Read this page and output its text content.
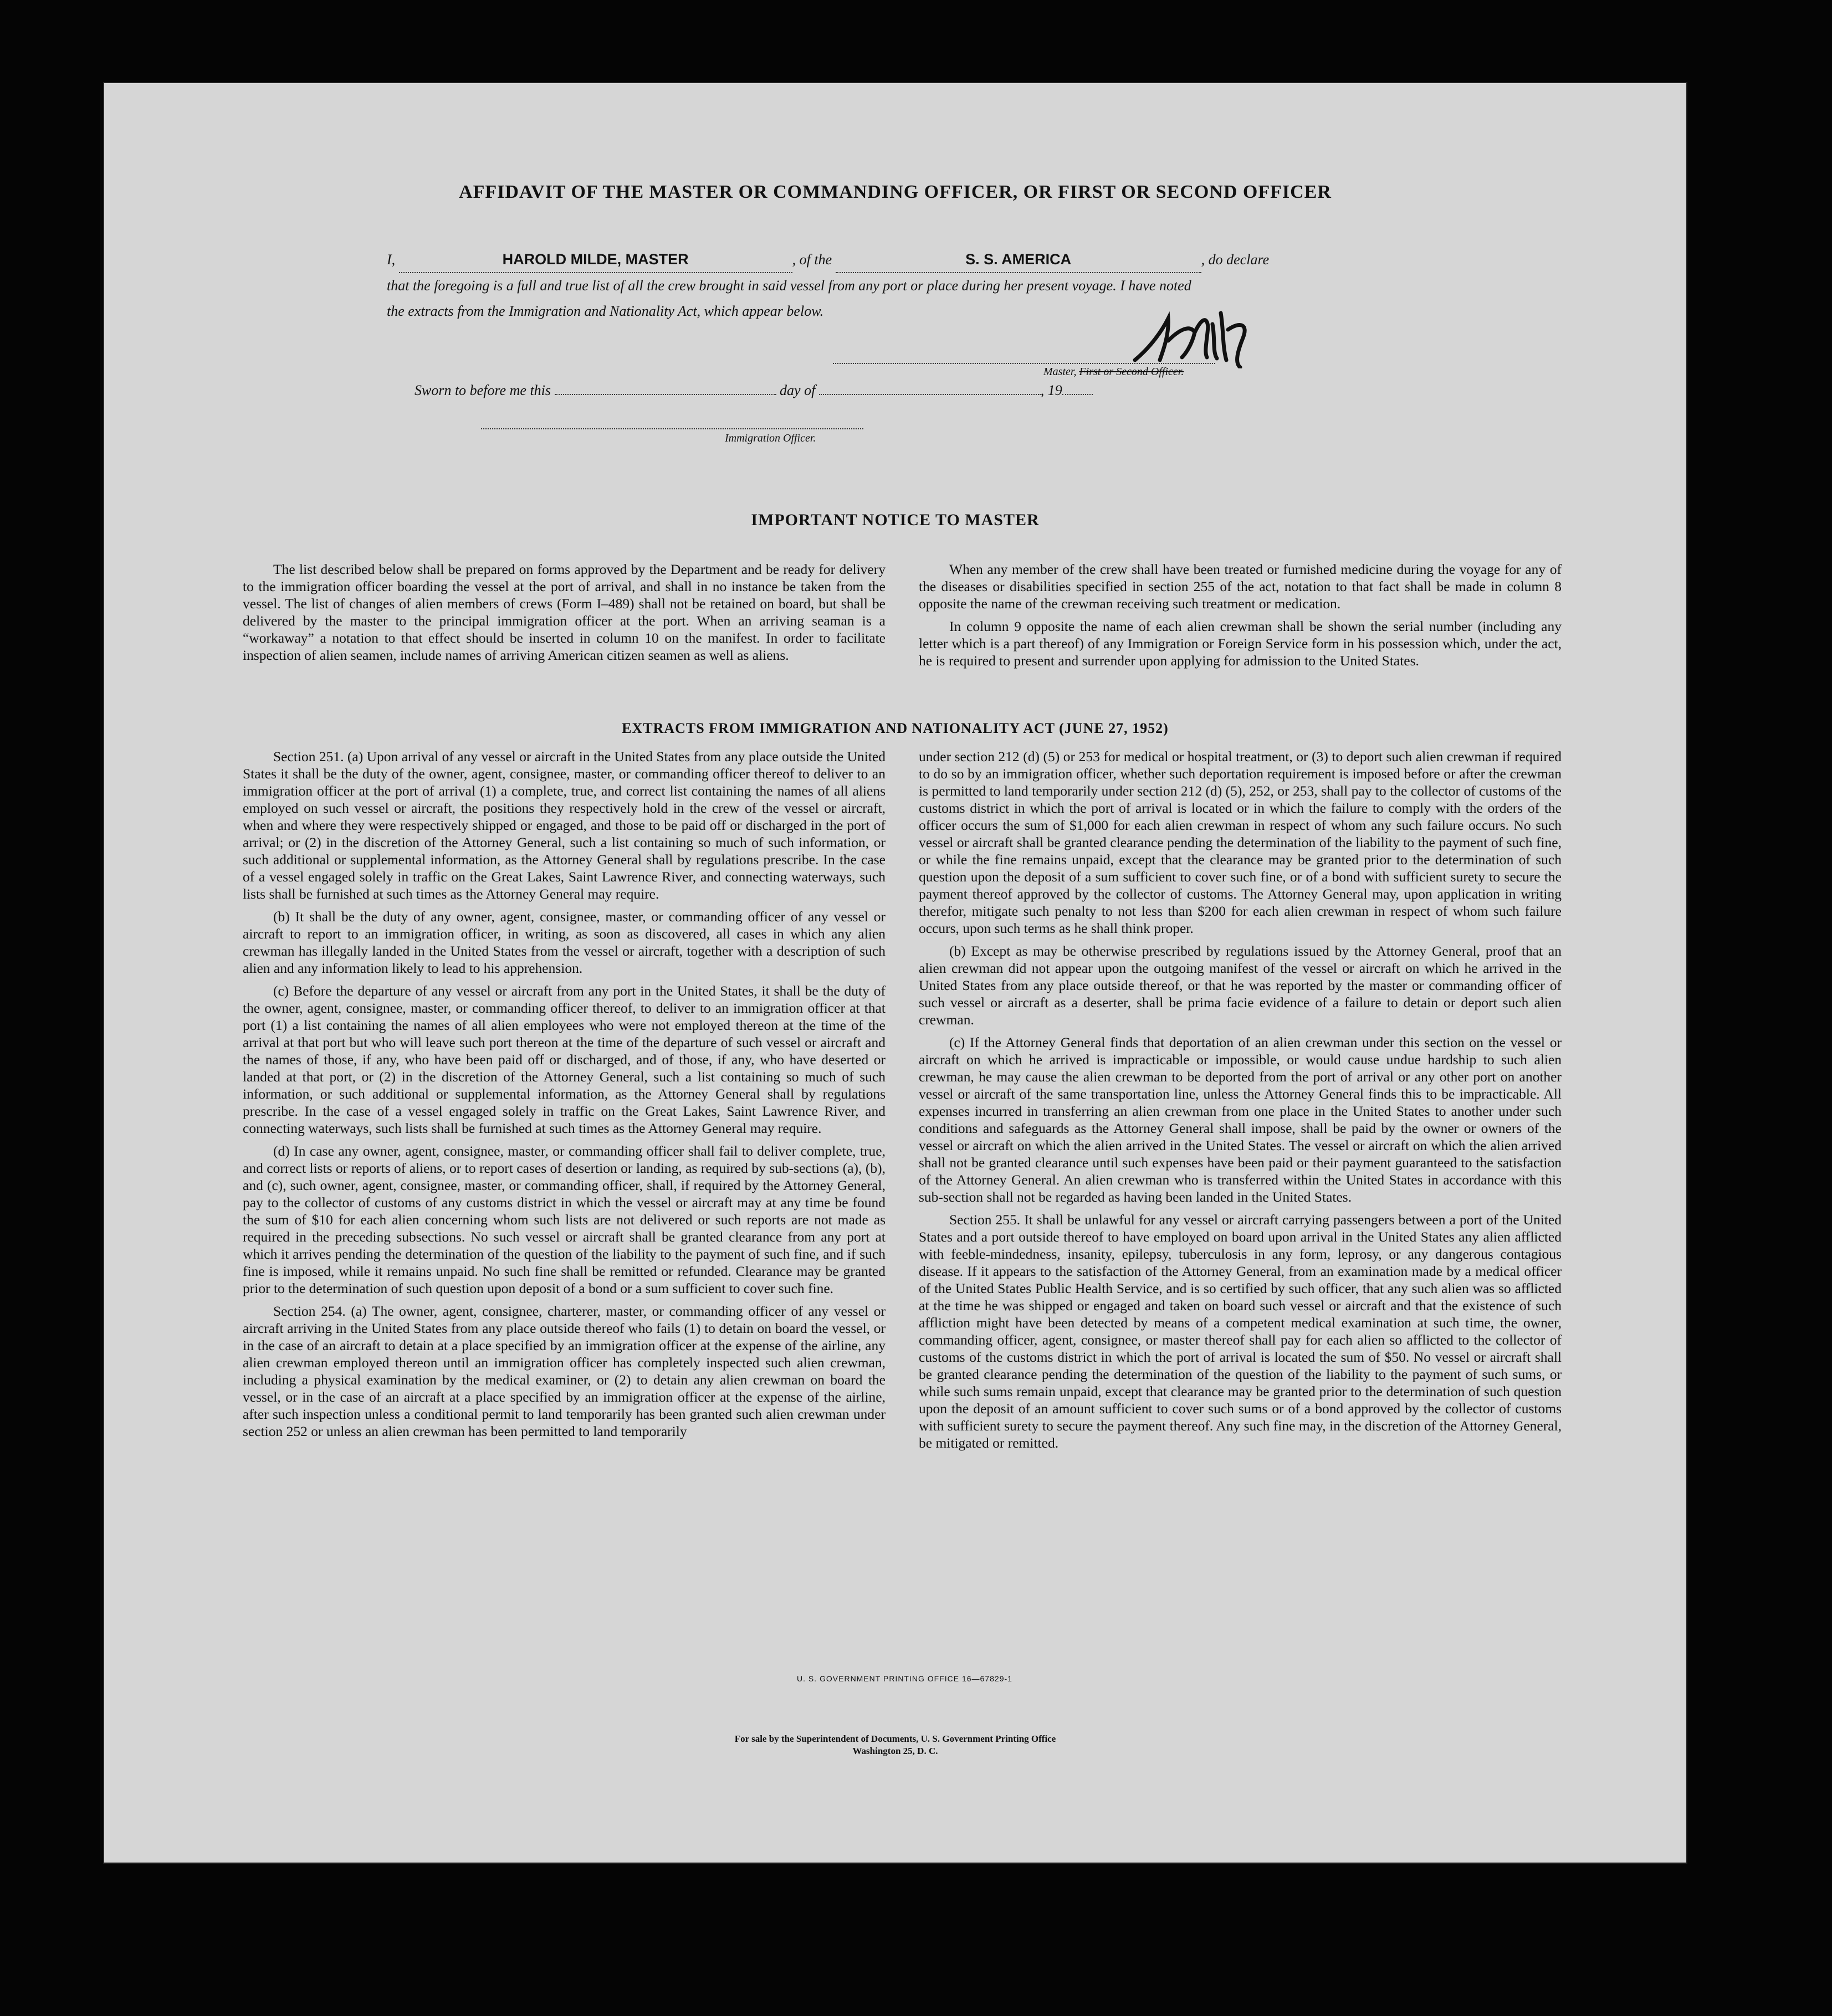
AFFIDAVIT OF THE MASTER OR COMMANDING OFFICER, OR FIRST OR SECOND OFFICER
I,	HAROLD MILDE, MASTER	, of the	S. S. AMERICA	, do declare
that the foregoing is a full and true list of all the crew brought in said vessel from any port or place during her present voyage. I have noted
the extracts from the Immigration and Nationality Act, which appear below.
Master, First or Second Officer.
Sworn to before me this	day of	, 19
Immigration Officer.
IMPORTANT NOTICE TO MASTER

The list described below shall be prepared on forms approved by the Department and be ready for delivery to the immigration officer boarding the vessel at the port of arrival, and shall in no instance be taken from the vessel. The list of changes of alien members of crews (Form I–489) shall not be retained on board, but shall be delivered by the master to the principal immigration officer at the port. When an arriving seaman is a “workaway” a notation to that effect should be inserted in column 10 on the manifest. In order to facilitate inspection of alien seamen, include names of arriving American citizen seamen as well as aliens.

When any member of the crew shall have been treated or furnished medicine during the voyage for any of the diseases or disabilities specified in section 255 of the act, notation to that fact shall be made in column 8 opposite the name of the crewman receiving such treatment or medication.

In column 9 opposite the name of each alien crewman shall be shown the serial number (including any letter which is a part thereof) of any Immigration or Foreign Service form in his possession which, under the act, he is required to present and surrender upon applying for admission to the United States.

EXTRACTS FROM IMMIGRATION AND NATIONALITY ACT (JUNE 27, 1952)

Section 251. (a) Upon arrival of any vessel or aircraft in the United States from any place outside the United States it shall be the duty of the owner, agent, consignee, master, or commanding officer thereof to deliver to an immigration officer at the port of arrival (1) a complete, true, and correct list containing the names of all aliens employed on such vessel or aircraft, the positions they respectively hold in the crew of the vessel or aircraft, when and where they were respectively shipped or engaged, and those to be paid off or discharged in the port of arrival; or (2) in the discretion of the Attorney General, such a list containing so much of such information, or such additional or supplemental information, as the Attorney General shall by regulations prescribe. In the case of a vessel engaged solely in traffic on the Great Lakes, Saint Lawrence River, and connecting waterways, such lists shall be furnished at such times as the Attorney General may require.

(b) It shall be the duty of any owner, agent, consignee, master, or commanding officer of any vessel or aircraft to report to an immigration officer, in writing, as soon as discovered, all cases in which any alien crewman has illegally landed in the United States from the vessel or aircraft, together with a description of such alien and any information likely to lead to his apprehension.

(c) Before the departure of any vessel or aircraft from any port in the United States, it shall be the duty of the owner, agent, consignee, master, or commanding officer thereof, to deliver to an immigration officer at that port (1) a list containing the names of all alien employees who were not employed thereon at the time of the arrival at that port but who will leave such port thereon at the time of the departure of such vessel or aircraft and the names of those, if any, who have been paid off or discharged, and of those, if any, who have deserted or landed at that port, or (2) in the discretion of the Attorney General, such a list containing so much of such information, or such additional or supplemental information, as the Attorney General shall by regulations prescribe. In the case of a vessel engaged solely in traffic on the Great Lakes, Saint Lawrence River, and connecting waterways, such lists shall be furnished at such times as the Attorney General may require.

(d) In case any owner, agent, consignee, master, or commanding officer shall fail to deliver complete, true, and correct lists or reports of aliens, or to report cases of desertion or landing, as required by sub-sections (a), (b), and (c), such owner, agent, consignee, master, or commanding officer, shall, if required by the Attorney General, pay to the collector of customs of any customs district in which the vessel or aircraft may at any time be found the sum of $10 for each alien concerning whom such lists are not delivered or such reports are not made as required in the preceding subsections. No such vessel or aircraft shall be granted clearance from any port at which it arrives pending the determination of the question of the liability to the payment of such fine, and if such fine is imposed, while it remains unpaid. No such fine shall be remitted or refunded. Clearance may be granted prior to the determination of such question upon deposit of a bond or a sum sufficient to cover such fine.

Section 254. (a) The owner, agent, consignee, charterer, master, or commanding officer of any vessel or aircraft arriving in the United States from any place outside thereof who fails (1) to detain on board the vessel, or in the case of an aircraft to detain at a place specified by an immigration officer at the expense of the airline, any alien crewman employed thereon until an immigration officer has completely inspected such alien crewman, including a physical examination by the medical examiner, or (2) to detain any alien crewman on board the vessel, or in the case of an aircraft at a place specified by an immigration officer at the expense of the airline, after such inspection unless a conditional permit to land temporarily has been granted such alien crewman under section 252 or unless an alien crewman has been permitted to land temporarily

under section 212 (d) (5) or 253 for medical or hospital treatment, or (3) to deport such alien crewman if required to do so by an immigration officer, whether such deportation requirement is imposed before or after the crewman is permitted to land temporarily under section 212 (d) (5), 252, or 253, shall pay to the collector of customs of the customs district in which the port of arrival is located or in which the failure to comply with the orders of the officer occurs the sum of $1,000 for each alien crewman in respect of whom any such failure occurs. No such vessel or aircraft shall be granted clearance pending the determination of the liability to the payment of such fine, or while the fine remains unpaid, except that the clearance may be granted prior to the determination of such question upon the deposit of a sum sufficient to cover such fine, or of a bond with sufficient surety to secure the payment thereof approved by the collector of customs. The Attorney General may, upon application in writing therefor, mitigate such penalty to not less than $200 for each alien crewman in respect of whom such failure occurs, upon such terms as he shall think proper.

(b) Except as may be otherwise prescribed by regulations issued by the Attorney General, proof that an alien crewman did not appear upon the outgoing manifest of the vessel or aircraft on which he arrived in the United States from any place outside thereof, or that he was reported by the master or commanding officer of such vessel or aircraft as a deserter, shall be prima facie evidence of a failure to detain or deport such alien crewman.

(c) If the Attorney General finds that deportation of an alien crewman under this section on the vessel or aircraft on which he arrived is impracticable or impossible, or would cause undue hardship to such alien crewman, he may cause the alien crewman to be deported from the port of arrival or any other port on another vessel or aircraft of the same transportation line, unless the Attorney General finds this to be impracticable. All expenses incurred in transferring an alien crewman from one place in the United States to another under such conditions and safeguards as the Attorney General shall impose, shall be paid by the owner or owners of the vessel or aircraft on which the alien arrived in the United States. The vessel or aircraft on which the alien arrived shall not be granted clearance until such expenses have been paid or their payment guaranteed to the satisfaction of the Attorney General. An alien crewman who is transferred within the United States in accordance with this sub-section shall not be regarded as having been landed in the United States.

Section 255. It shall be unlawful for any vessel or aircraft carrying passengers between a port of the United States and a port outside thereof to have employed on board upon arrival in the United States any alien afflicted with feeble-mindedness, insanity, epilepsy, tuberculosis in any form, leprosy, or any dangerous contagious disease. If it appears to the satisfaction of the Attorney General, from an examination made by a medical officer of the United States Public Health Service, and is so certified by such officer, that any such alien was so afflicted at the time he was shipped or engaged and taken on board such vessel or aircraft and that the existence of such affliction might have been detected by means of a competent medical examination at such time, the owner, commanding officer, agent, consignee, or master thereof shall pay for each alien so afflicted to the collector of customs of the customs district in which the port of arrival is located the sum of $50. No vessel or aircraft shall be granted clearance pending the determination of the question of the liability to the payment of such sums, or while such sums remain unpaid, except that clearance may be granted prior to the determination of such question upon the deposit of an amount sufficient to cover such sums or of a bond approved by the collector of customs with sufficient surety to secure the payment thereof. Any such fine may, in the discretion of the Attorney General, be mitigated or remitted.

U. S. GOVERNMENT PRINTING OFFICE 16—67829-1
For sale by the Superintendent of Documents, U. S. Government Printing Office
Washington 25, D. C.
